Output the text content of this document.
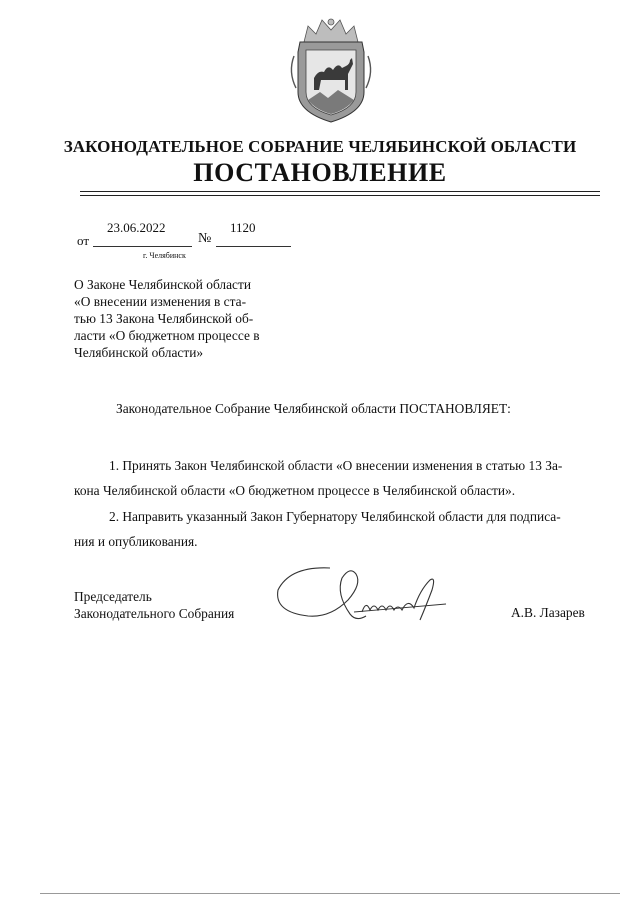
ЗАКОНОДАТЕЛЬНОЕ СОБРАНИЕ ЧЕЛЯБИНСКОЙ ОБЛАСТИ
ПОСТАНОВЛЕНИЕ
от
23.06.2022
№
1120
г. Челябинск
О Законе Челябинской области
«О внесении изменения в ста-
тью 13 Закона Челябинской об-
ласти «О бюджетном процессе в
Челябинской области»
Законодательное Собрание Челябинской области ПОСТАНОВЛЯЕТ:
1. Принять Закон Челябинской области «О внесении изменения в статью 13 За-
кона Челябинской области «О бюджетном процессе в Челябинской области».
2. Направить указанный Закон Губернатору Челябинской области для подписа-
ния и опубликования.
Председатель
Законодательного Собрания	А.В. Лазарев
